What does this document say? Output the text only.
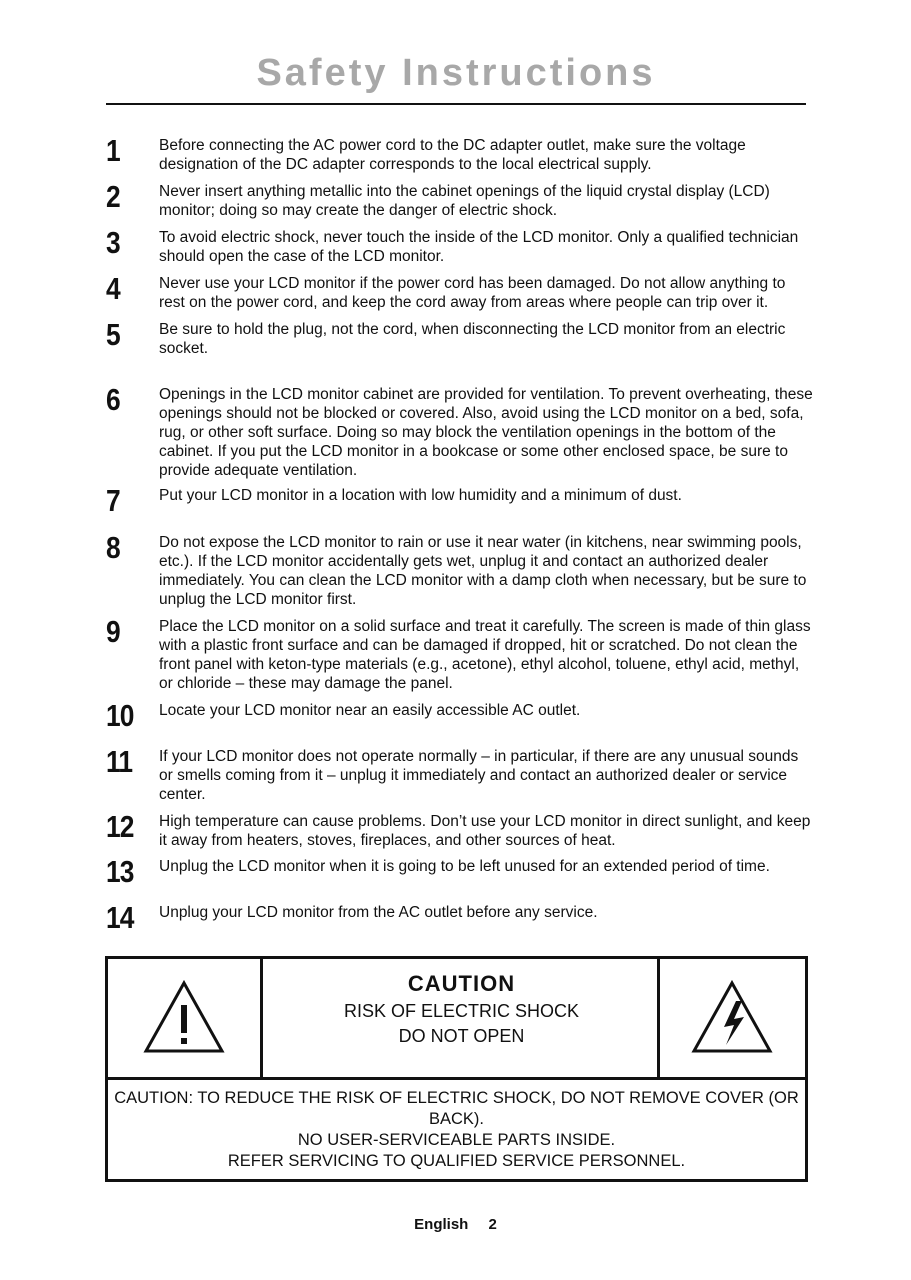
Safety Instructions
1	Before connecting the AC power cord to the DC adapter outlet, make sure the voltage designation of the DC adapter corresponds to the local electrical supply.
2	Never insert anything metallic into the cabinet openings of the liquid crystal display (LCD) monitor; doing so may create the danger of electric shock.
3	To avoid electric shock, never touch the inside of the LCD monitor. Only a qualified technician should open the case of the LCD monitor.
4	Never use your LCD monitor if the power cord has been damaged. Do not allow anything to rest on the power cord, and keep the cord away from areas where people can trip over it.
5	Be sure to hold the plug, not the cord, when disconnecting the LCD monitor from an electric socket.
6	Openings in the LCD monitor cabinet are provided for ventilation. To prevent overheating, these openings should not be blocked or covered. Also, avoid using the LCD monitor on a bed, sofa, rug, or other soft surface. Doing so may block the ventilation openings in the bottom of the cabinet. If you put the LCD monitor in a bookcase or some other enclosed space, be sure to provide adequate ventilation.
7	Put your LCD monitor in a location with low humidity and a minimum of dust.
8	Do not expose the LCD monitor to rain or use it near water (in kitchens, near swimming pools, etc.). If the LCD monitor accidentally gets wet, unplug it and contact an authorized dealer immediately. You can clean the LCD monitor with a damp cloth when necessary, but be sure to unplug the LCD monitor first.
9	Place the LCD monitor on a solid surface and treat it carefully. The screen is made of thin glass with a plastic front surface and can be damaged if dropped, hit or scratched. Do not clean the front panel with keton-type materials (e.g., acetone), ethyl alcohol, toluene, ethyl acid, methyl, or chloride – these may damage the panel.
10	Locate your LCD monitor near an easily accessible AC outlet.
11	If your LCD monitor does not operate normally – in particular, if there are any unusual sounds or smells coming from it – unplug it immediately and contact an authorized dealer or service center.
12	High temperature can cause problems. Don’t use your LCD monitor in direct sunlight, and keep it away from heaters, stoves, fireplaces, and other sources of heat.
13	Unplug the LCD monitor when it is going to be left unused for an extended period of time.
14	Unplug your LCD monitor from the AC outlet before any service.
CAUTION
RISK OF ELECTRIC SHOCK
DO NOT OPEN
CAUTION: TO REDUCE THE RISK OF ELECTRIC SHOCK, DO NOT REMOVE COVER (OR BACK).
NO USER-SERVICEABLE PARTS INSIDE.
REFER SERVICING TO QUALIFIED SERVICE PERSONNEL.
English 2
